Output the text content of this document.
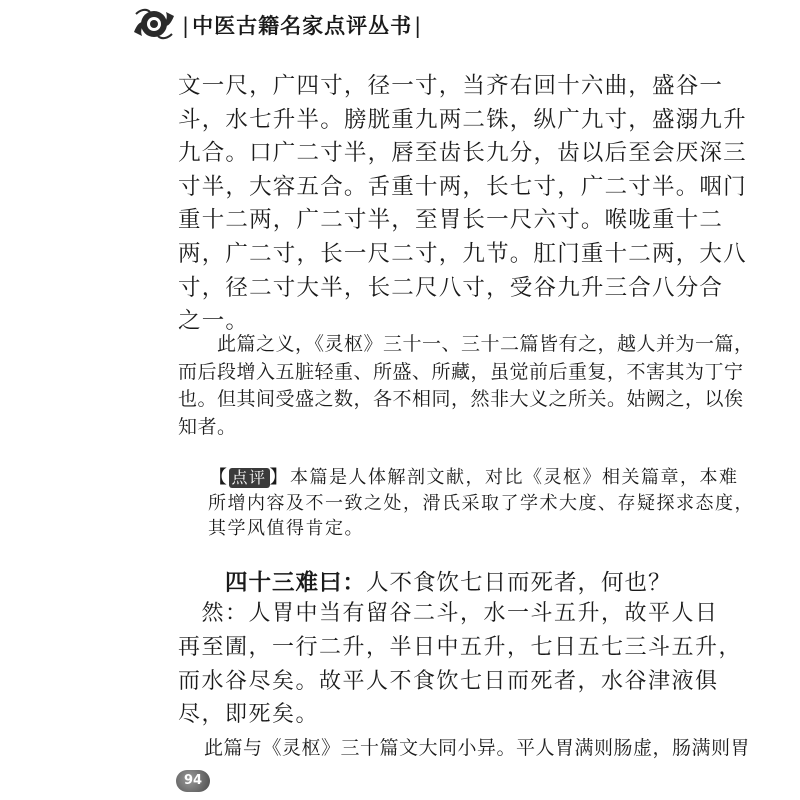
|中医古籍名家点评丛书|

文一尺，广四寸，径一寸，当齐右回十六曲，盛谷一
斗，水七升半。膀胱重九两二铢，纵广九寸，盛溺九升
九合。口广二寸半，唇至齿长九分，齿以后至会厌深三
寸半，大容五合。舌重十两，长七寸，广二寸半。咽门
重十二两，广二寸半，至胃长一尺六寸。喉咙重十二
两，广二寸，长一尺二寸，九节。肛门重十二两，大八
寸，径二寸大半，长二尺八寸，受谷九升三合八分合
之一。

　　此篇之义，《灵枢》三十一、三十二篇皆有之，越人并为一篇，
而后段增入五脏轻重、所盛、所藏，虽觉前后重复，不害其为丁宁
也。但其间受盛之数，各不相同，然非大义之所关。姑阙之，以俟
知者。

【 点评 】本篇是人体解剖文献，对比《灵枢》相关篇章，本难
所增内容及不一致之处，滑氏采取了学术大度、存疑探求态度，
其学风值得肯定。

四十三难曰：人不食饮七日而死者，何也？

　然：人胃中当有留谷二斗，水一斗五升，故平人日
再至圊，一行二升，半日中五升，七日五七三斗五升，
而水谷尽矣。故平人不食饮七日而死者，水谷津液俱
尽，即死矣。

此篇与《灵枢》三十篇文大同小异。平人胃满则肠虚，肠满则胃

94
